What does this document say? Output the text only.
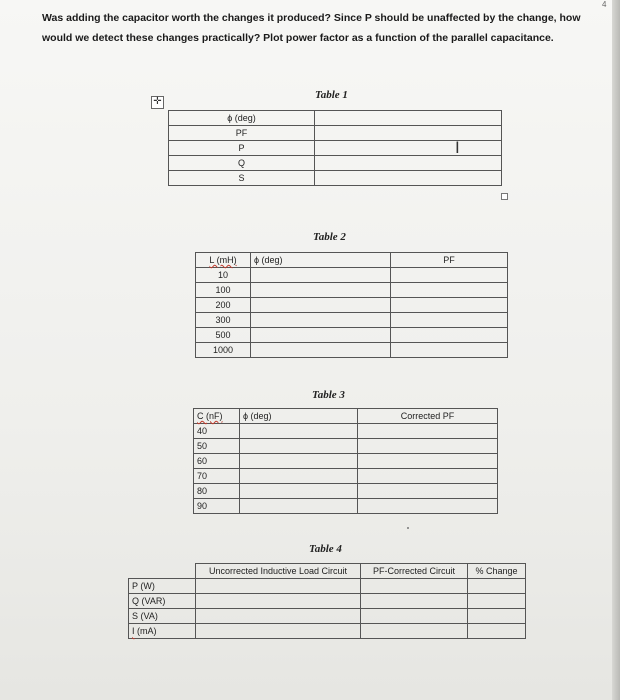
4
Was adding the capacitor worth the changes it produced? Since P should be unaffected by the change, how
would we detect these changes practically? Plot power factor as a function of the parallel capacitance.
Table 1
✛
ϕ (deg)	
PF	
P	
Q	
S	
I
Table 2
L (mH)	ϕ (deg)	PF
10		
100		
200		
300		
500		
1000		
Table 3
C (nF)	ϕ (deg)	Corrected PF
40		
50		
60		
70		
80		
90		
Table 4
	Uncorrected Inductive Load Circuit	PF-Corrected Circuit	% Change
P (W)			
Q (VAR)			
S (VA)			
I (mA)			
